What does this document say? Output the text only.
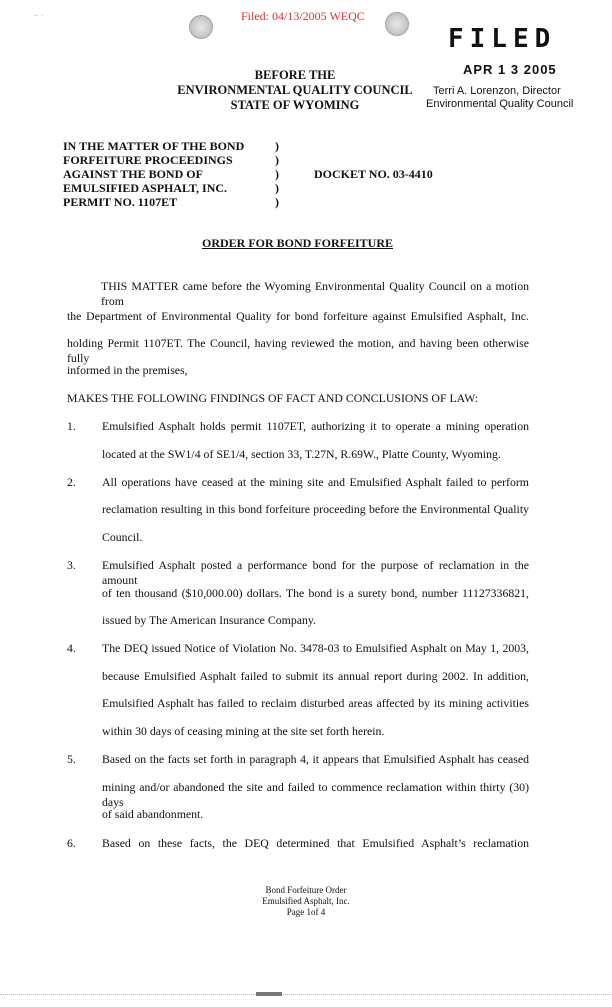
~ ·	Filed: 04/13/2005 WEQC
FILED
APR 1 3 2005
Terri A. Lorenzon, Director
Environmental Quality Council
BEFORE THE
ENVIRONMENTAL QUALITY COUNCIL
STATE OF WYOMING
IN THE MATTER OF THE BOND
FORFEITURE PROCEEDINGS
AGAINST THE BOND OF
EMULSIFIED ASPHALT, INC.
PERMIT NO. 1107ET
)
)
)
)
)
DOCKET NO. 03-4410
ORDER FOR BOND FORFEITURE
THIS MATTER came before the Wyoming Environmental Quality Council on a motion from
the Department of Environmental Quality for bond forfeiture against Emulsified Asphalt, Inc.
holding Permit 1107ET. The Council, having reviewed the motion, and having been otherwise fully
informed in the premises,
MAKES THE FOLLOWING FINDINGS OF FACT AND CONCLUSIONS OF LAW:
1. Emulsified Asphalt holds permit 1107ET, authorizing it to operate a mining operation
located at the SW1/4 of SE1/4, section 33, T.27N, R.69W., Platte County, Wyoming.
2. All operations have ceased at the mining site and Emulsified Asphalt failed to perform
reclamation resulting in this bond forfeiture proceeding before the Environmental Quality
Council.
3. Emulsified Asphalt posted a performance bond for the purpose of reclamation in the amount
of ten thousand ($10,000.00) dollars. The bond is a surety bond, number 11127336821,
issued by The American Insurance Company.
4. The DEQ issued Notice of Violation No. 3478-03 to Emulsified Asphalt on May 1, 2003,
because Emulsified Asphalt failed to submit its annual report during 2002. In addition,
Emulsified Asphalt has failed to reclaim disturbed areas affected by its mining activities
within 30 days of ceasing mining at the site set forth herein.
5. Based on the facts set forth in paragraph 4, it appears that Emulsified Asphalt has ceased
mining and/or abandoned the site and failed to commence reclamation within thirty (30) days
of said abandonment.
6. Based on these facts, the DEQ determined that Emulsified Asphalt’s reclamation
Bond Forfeiture Order
Emulsified Asphalt, Inc.
Page 1of 4
